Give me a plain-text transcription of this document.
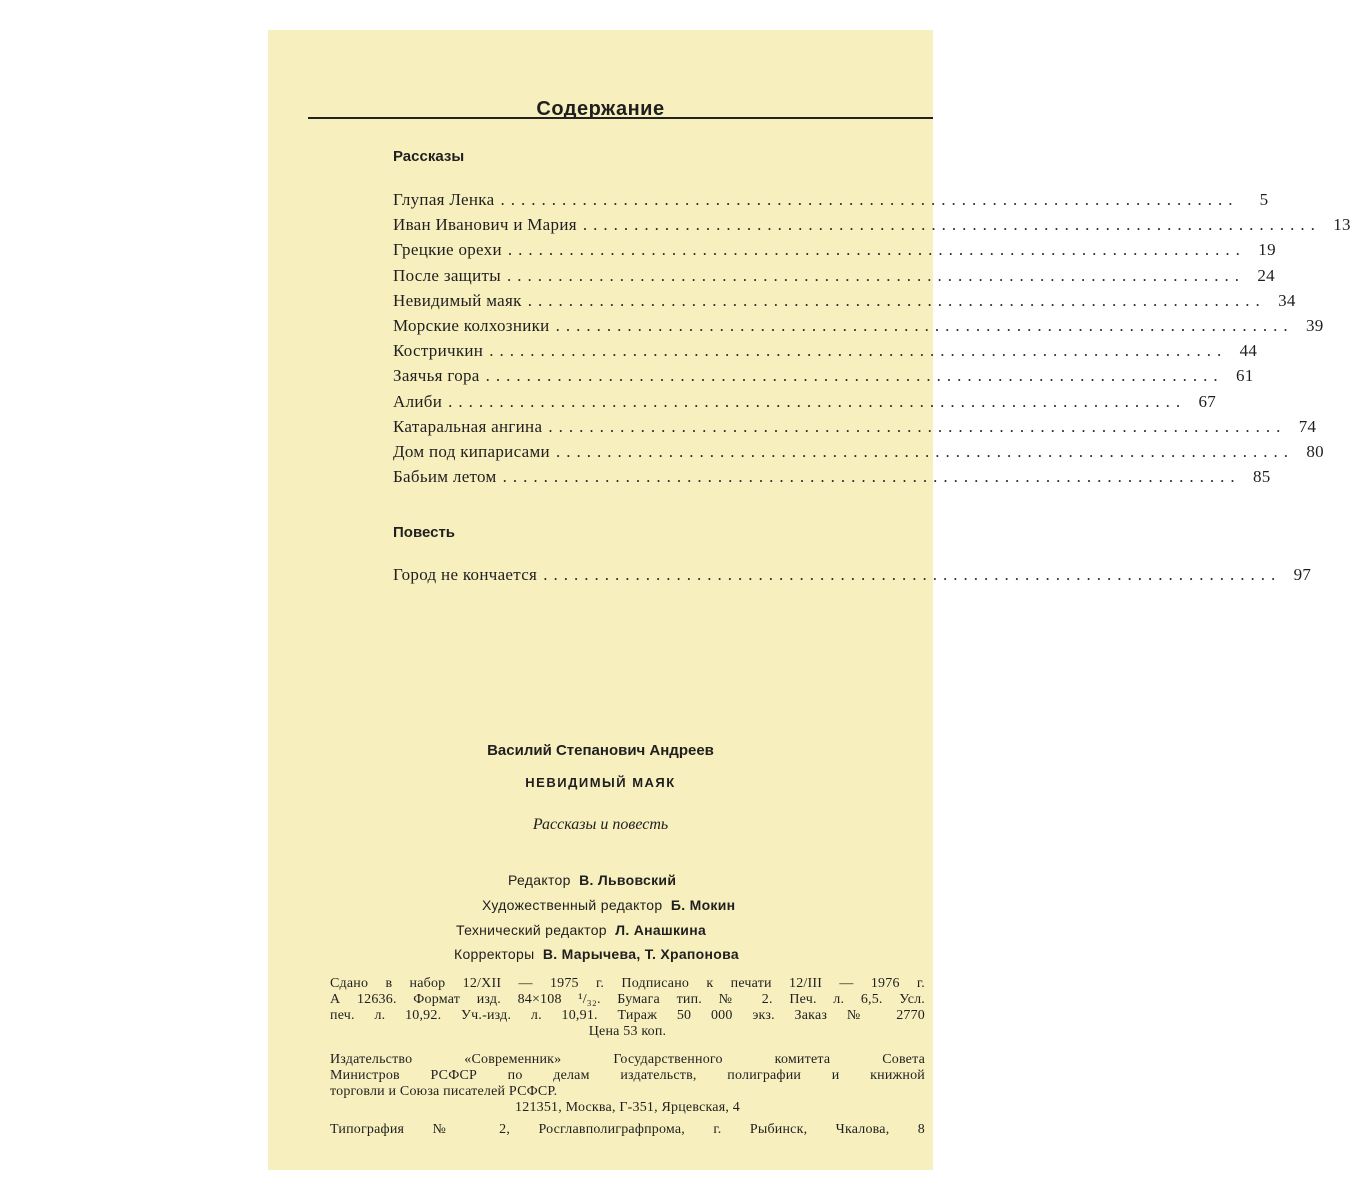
Содержание
Рассказы
Глупая Ленка ........................................................................	5
Иван Иванович и Мария ........................................................................ 13
Грецкие орехи ........................................................................ 19
После защиты ........................................................................ 24
Невидимый маяк ........................................................................ 34
Морские колхозники ........................................................................ 39
Костричкин ........................................................................ 44
Заячья гора ........................................................................ 61
Алиби ........................................................................ 67
Катаральная ангина ........................................................................ 74
Дом под кипарисами ........................................................................ 80
Бабьим летом ........................................................................ 85
Повесть
Город не кончается ........................................................................ 97
Василий Степанович Андреев
НЕВИДИМЫЙ МАЯК
Рассказы и повесть
Редактор В. Львовский
Художественный редактор Б. Мокин
Технический редактор Л. Анашкина
Корректоры В. Марычева, Т. Храпонова

Сдано в набор 12/XII — 1975 г. Подписано к печати 12/III — 1976 г.

А 12636. Формат изд. 84×108 ¹/₃₂. Бумага тип. № 2. Печ. л. 6,5. Усл.

печ. л. 10,92. Уч.-изд. л. 10,91. Тираж 50 000 экз. Заказ № 2770

Цена 53 коп.

Издательство «Современник» Государственного комитета Совета

Министров РСФСР по делам издательств, полиграфии и книжной

торговли и Союза писателей РСФСР.

121351, Москва, Г-351, Ярцевская, 4

Типография № 2, Росглавполиграфпрома, г. Рыбинск, Чкалова, 8
